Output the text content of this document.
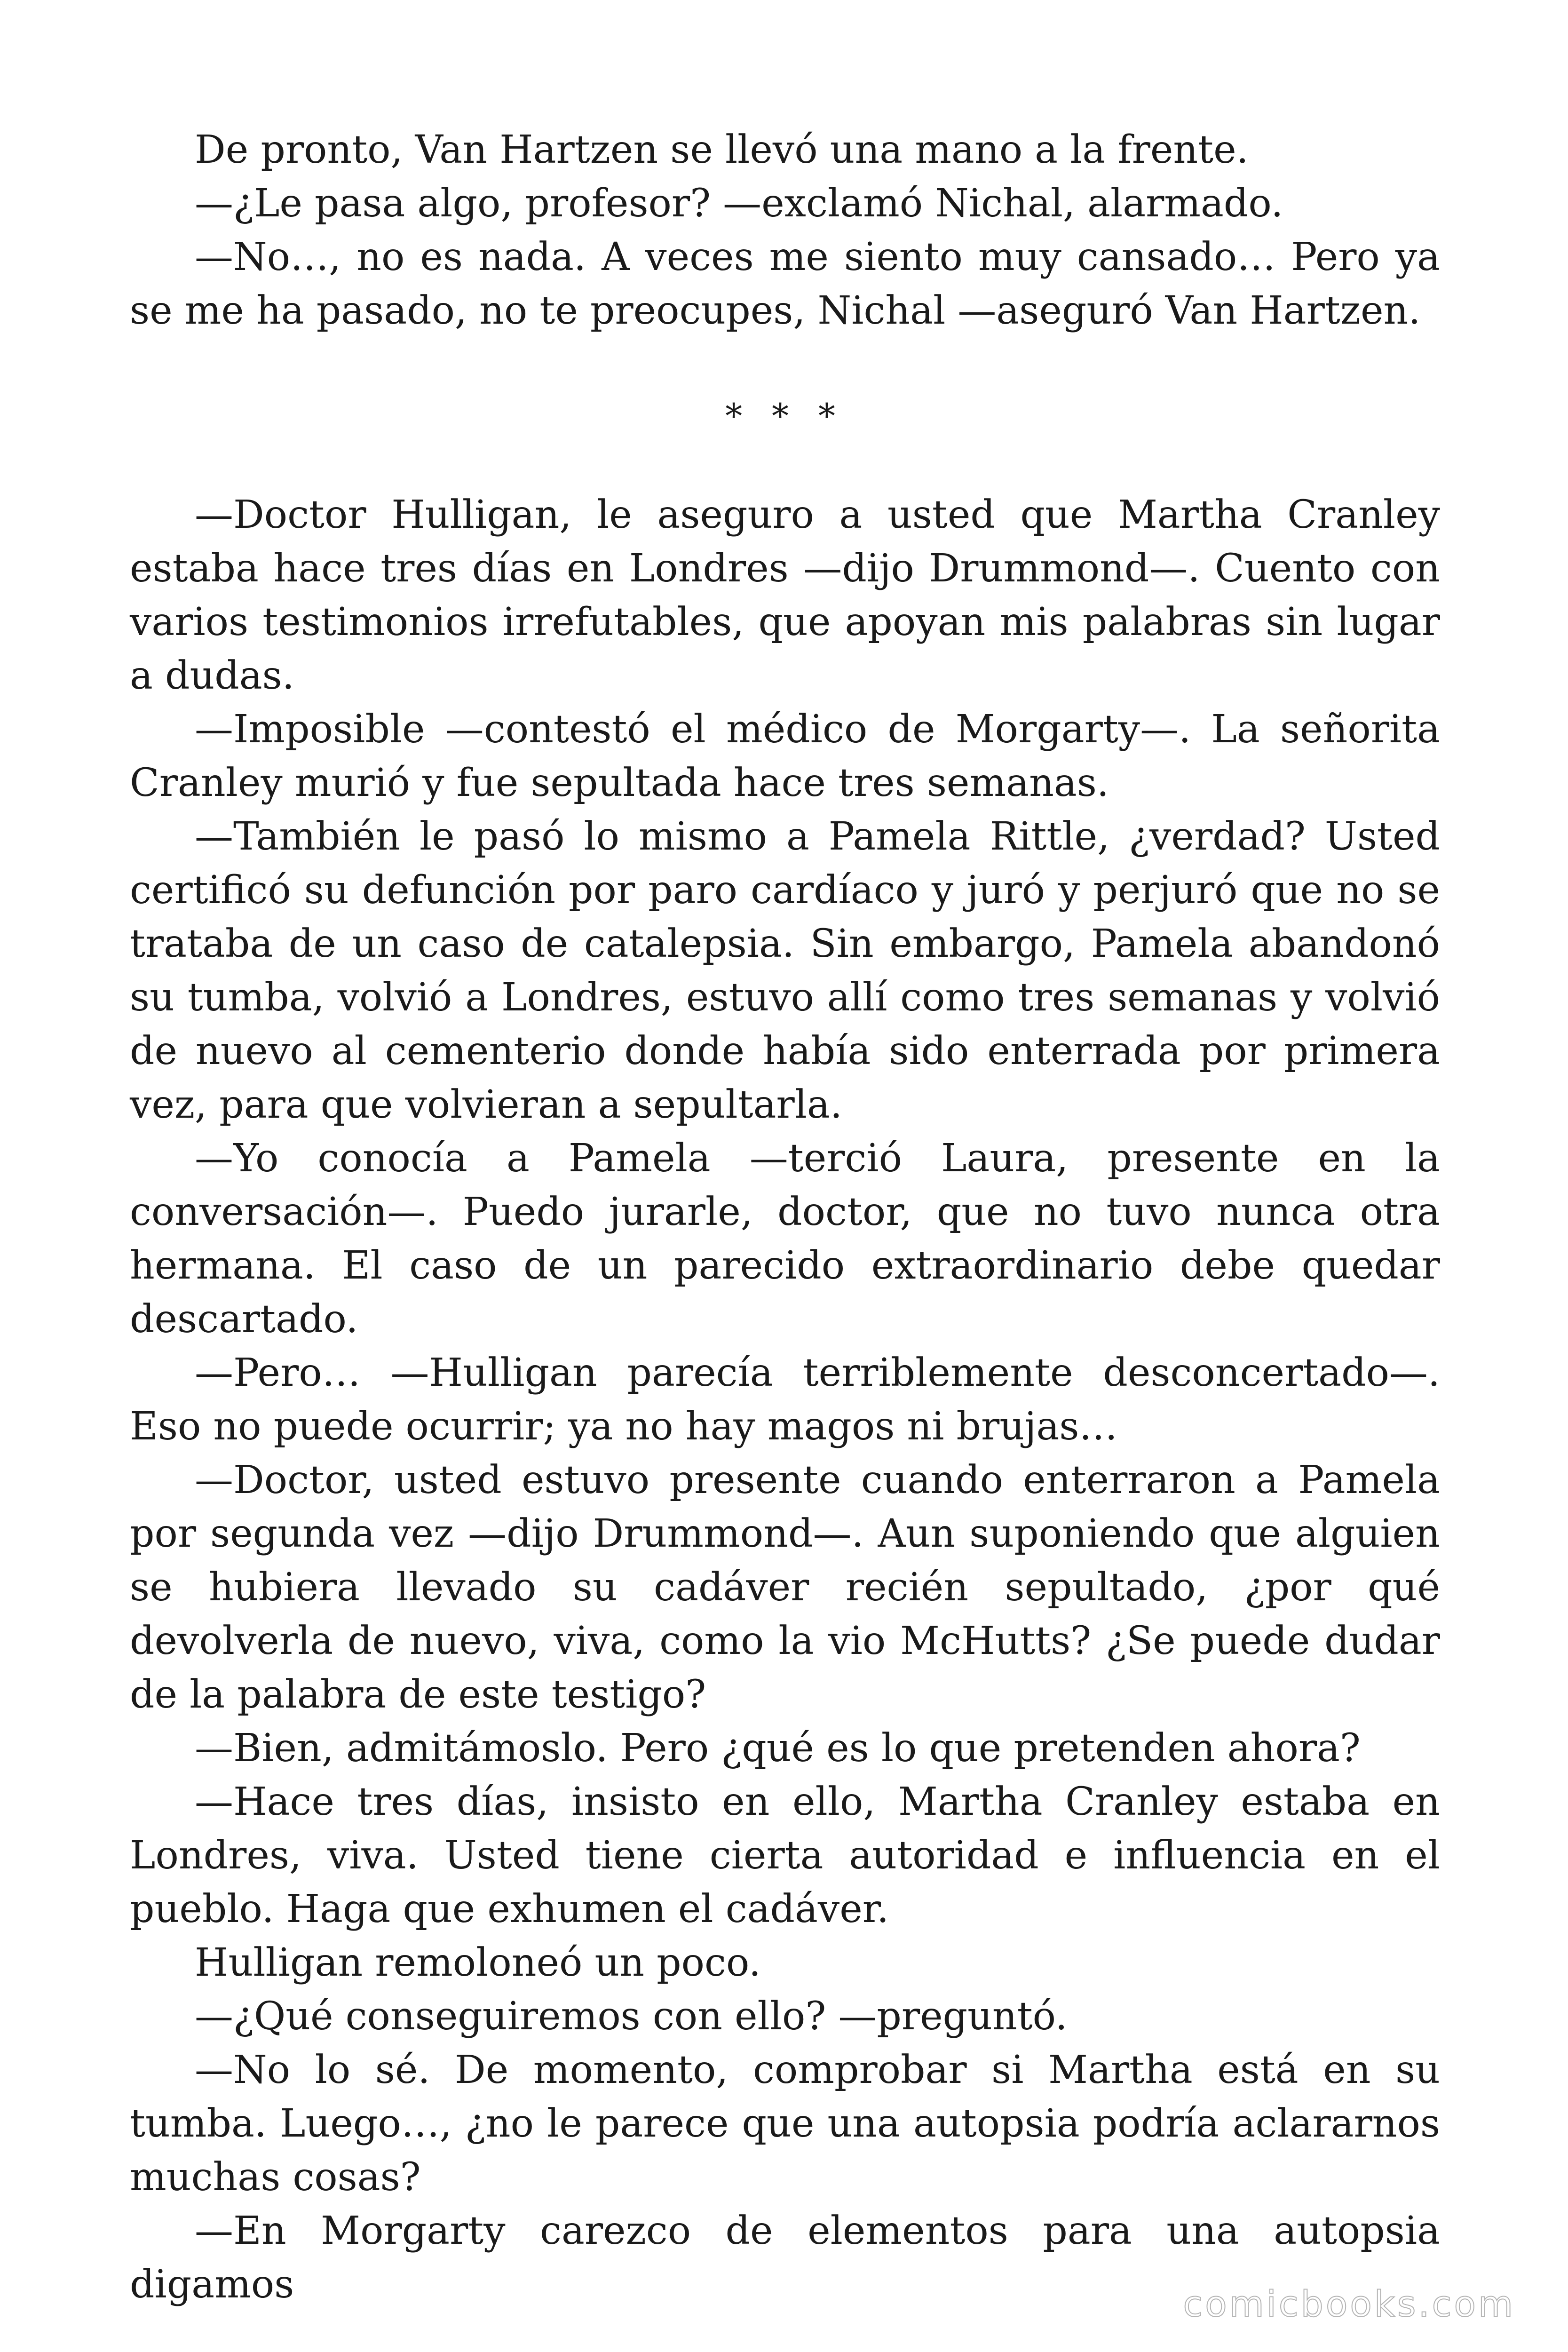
De pronto, Van Hartzen se llevó una mano a la frente.

—¿Le pasa algo, profesor? —exclamó Nichal, alarmado.

—No…, no es nada. A veces me siento muy cansado… Pero ya se me ha pasado, no te preocupes, Nichal —aseguró Van Hartzen.

* * *

—Doctor Hulligan, le aseguro a usted que Martha Cranley estaba hace tres días en Londres —dijo Drummond—. Cuento con varios testimonios irrefutables, que apoyan mis palabras sin lugar a dudas.

—Imposible —contestó el médico de Morgarty—. La señorita Cranley murió y fue sepultada hace tres semanas.

—También le pasó lo mismo a Pamela Rittle, ¿verdad? Usted certificó su defunción por paro cardíaco y juró y perjuró que no se trataba de un caso de catalepsia. Sin embargo, Pamela abandonó su tumba, volvió a Londres, estuvo allí como tres semanas y volvió de nuevo al cementerio donde había sido enterrada por primera vez, para que volvieran a sepultarla.

—Yo conocía a Pamela —terció Laura, presente en la conversación—. Puedo jurarle, doctor, que no tuvo nunca otra hermana. El caso de un parecido extraordinario debe quedar descartado.

—Pero… —Hulligan parecía terriblemente desconcertado—. Eso no puede ocurrir; ya no hay magos ni brujas…

—Doctor, usted estuvo presente cuando enterraron a Pamela por segunda vez —dijo Drummond—. Aun suponiendo que alguien se hubiera llevado su cadáver recién sepultado, ¿por qué devolverla de nuevo, viva, como la vio McHutts? ¿Se puede dudar de la palabra de este testigo?

—Bien, admitámoslo. Pero ¿qué es lo que pretenden ahora?

—Hace tres días, insisto en ello, Martha Cranley estaba en Londres, viva. Usted tiene cierta autoridad e influencia en el pueblo. Haga que exhumen el cadáver.

Hulligan remoloneó un poco.

—¿Qué conseguiremos con ello? —preguntó.

—No lo sé. De momento, comprobar si Martha está en su tumba. Luego…, ¿no le parece que una autopsia podría aclararnos muchas cosas?

—En Morgarty carezco de elementos para una autopsia digamos	comicbooks.com
